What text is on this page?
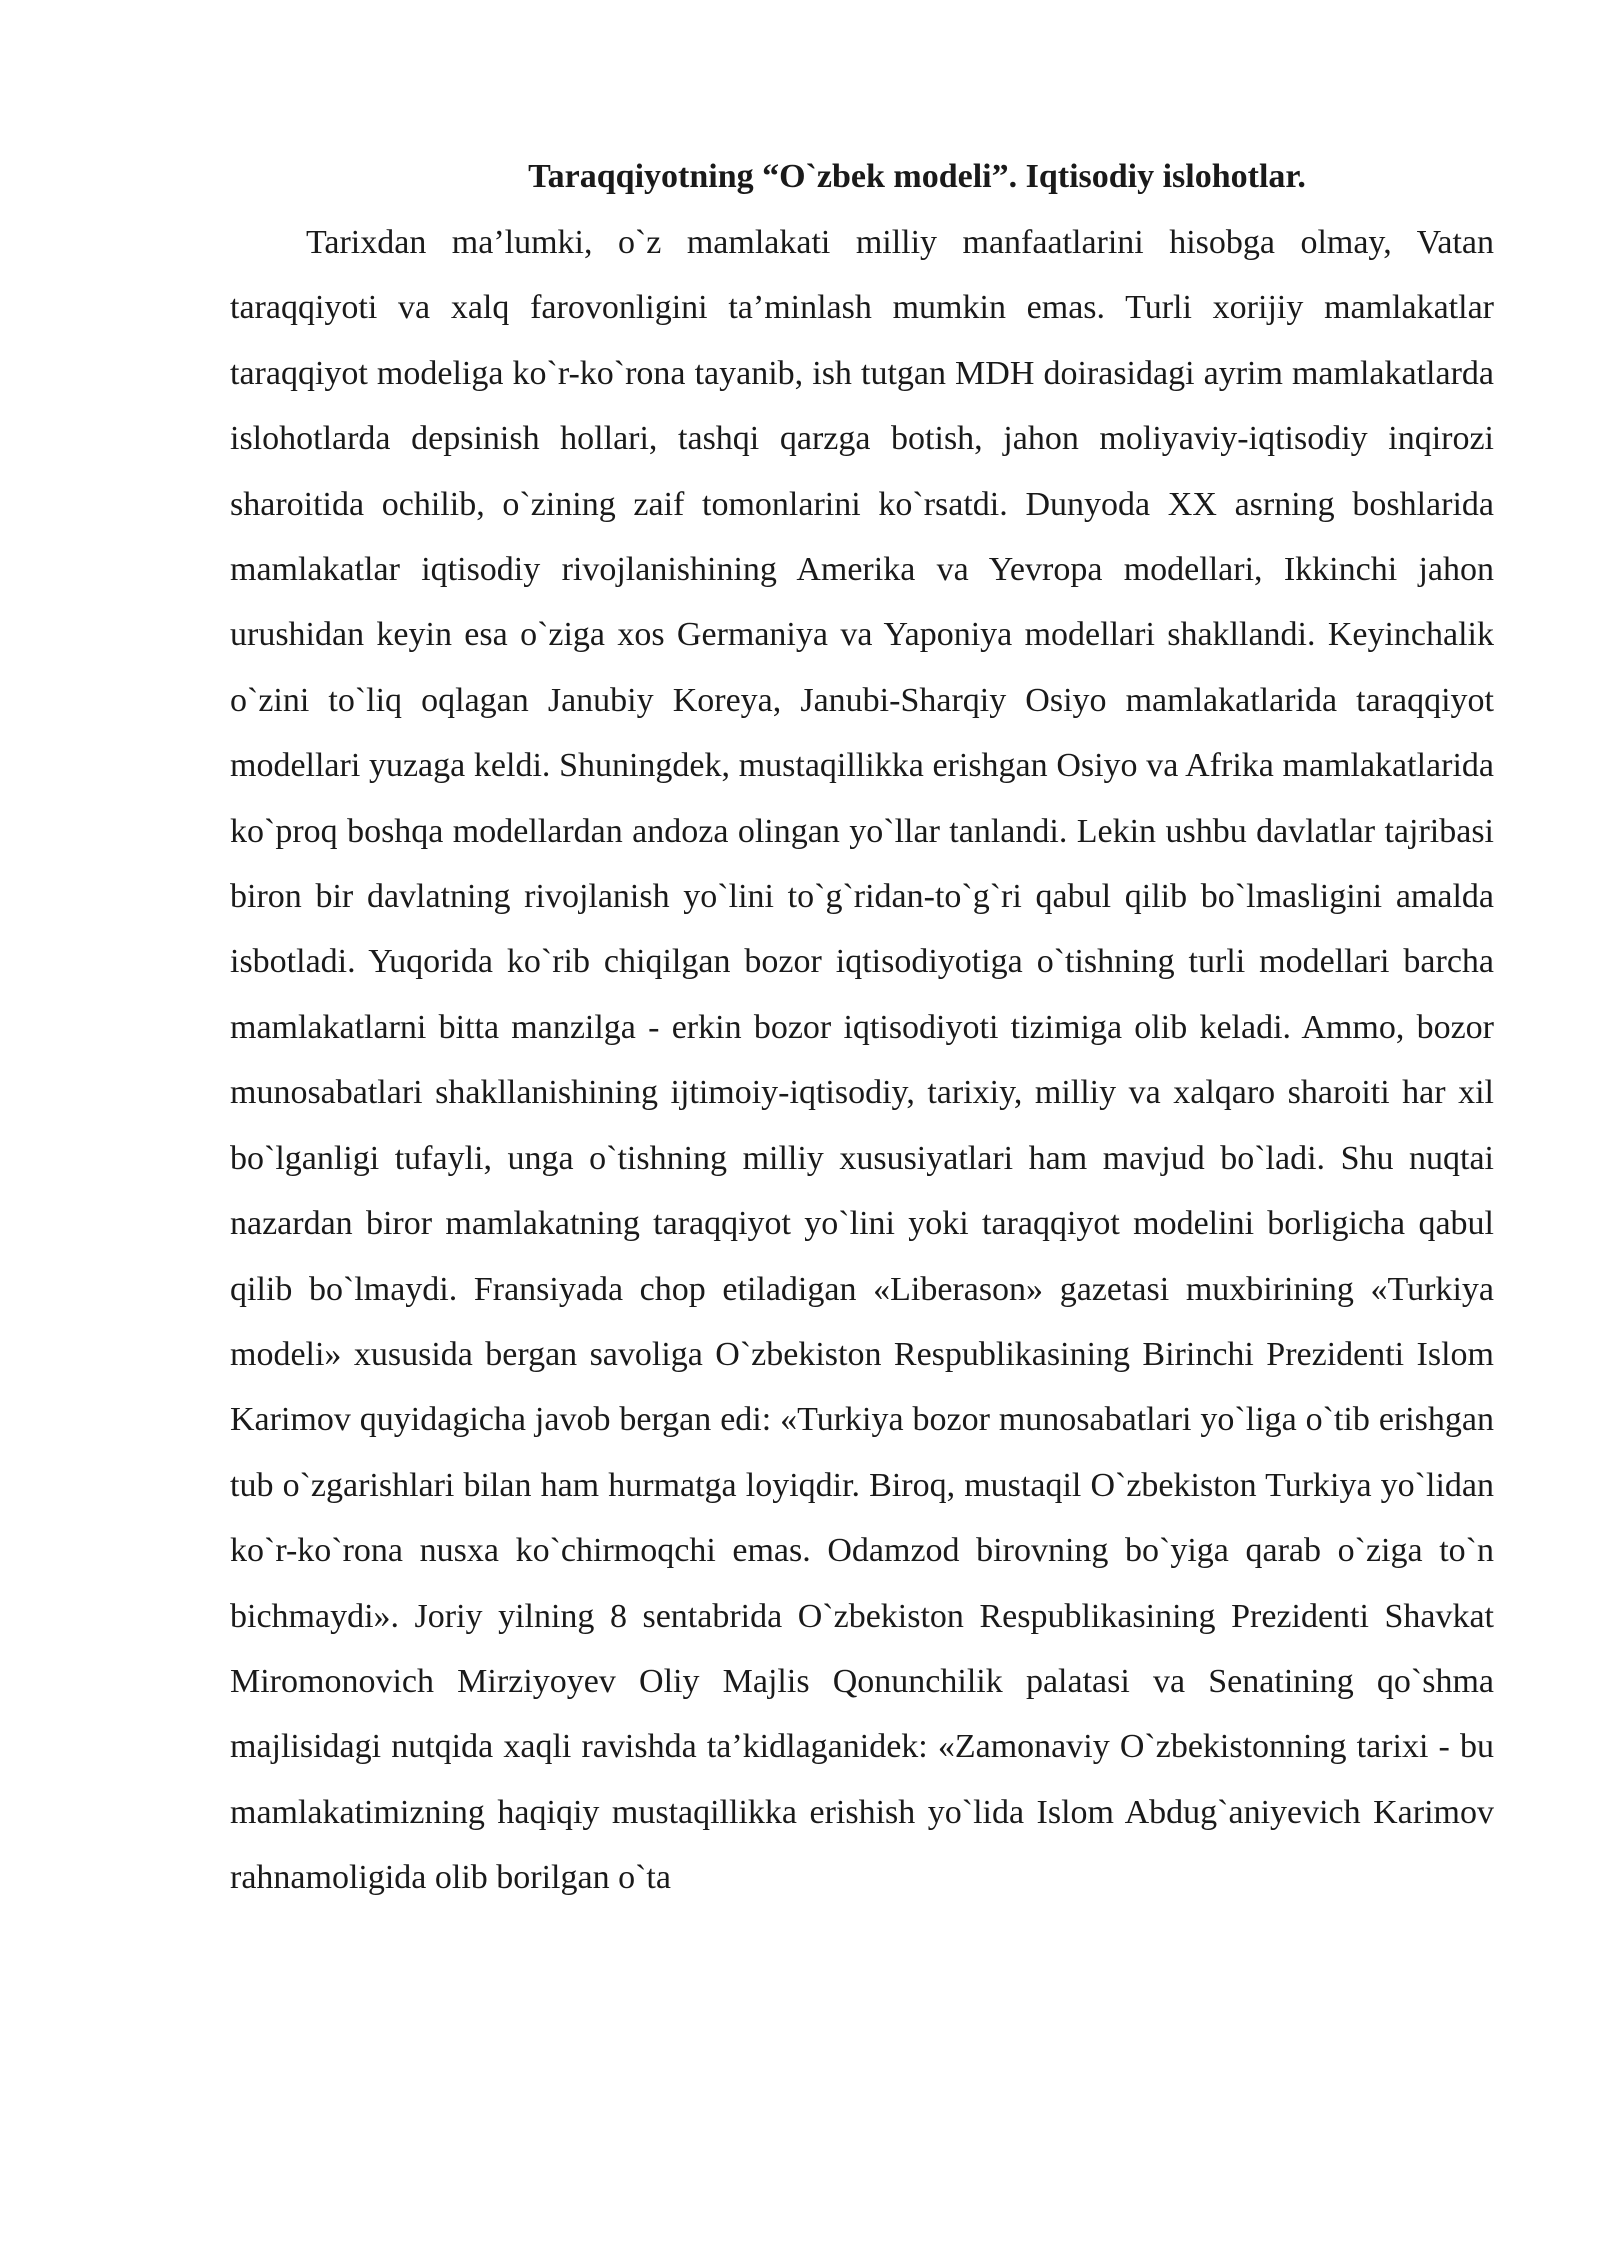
Taraqqiyotning “O`zbek modeli”. Iqtisodiy islohotlar.

Tarixdan ma’lumki, o`z mamlakati milliy manfaatlarini hisobga olmay, Vatan taraqqiyoti va xalq farovonligini ta’minlash mumkin emas. Turli xorijiy mamlakatlar taraqqiyot modeliga ko`r-ko`rona tayanib, ish tutgan MDH doirasidagi ayrim mamlakatlarda islohotlarda depsinish hollari, tashqi qarzga botish, jahon moliyaviy-iqtisodiy inqirozi sharoitida ochilib, o`zining zaif tomonlarini ko`rsatdi. Dunyoda XX asrning boshlarida mamlakatlar iqtisodiy rivojlanishining Amerika va Yevropa modellari, Ikkinchi jahon urushidan keyin esa o`ziga xos Germaniya va Yaponiya modellari shakllandi. Keyinchalik o`zini to`liq oqlagan Janubiy Koreya, Janubi-Sharqiy Osiyo mamlakatlarida taraqqiyot modellari yuzaga keldi. Shuningdek, mustaqillikka erishgan Osiyo va Afrika mamlakatlarida ko`proq boshqa modellardan andoza olingan yo`llar tanlandi. Lekin ushbu davlatlar tajribasi biron bir davlatning rivojlanish yo`lini to`g`ridan-to`g`ri qabul qilib bo`lmasligini amalda isbotladi. Yuqorida ko`rib chiqilgan bozor iqtisodiyotiga o`tishning turli modellari barcha mamlakatlarni bitta manzilga - erkin bozor iqtisodiyoti tizimiga olib keladi. Ammo, bozor munosabatlari shakllanishining ijtimoiy-iqtisodiy, tarixiy, milliy va xalqaro sharoiti har xil bo`lganligi tufayli, unga o`tishning milliy xususiyatlari ham mavjud bo`ladi. Shu nuqtai nazardan biror mamlakatning taraqqiyot yo`lini yoki taraqqiyot modelini borligicha qabul qilib bo`lmaydi. Fransiyada chop etiladigan «Liberason» gazetasi muxbirining «Turkiya modeli» xususida bergan savoliga O`zbekiston Respublikasining Birinchi Prezidenti Islom Karimov quyidagicha javob bergan edi: «Turkiya bozor munosabatlari yo`liga o`tib erishgan tub o`zgarishlari bilan ham hurmatga loyiqdir. Biroq, mustaqil O`zbekiston Turkiya yo`lidan ko`r-ko`rona nusxa ko`chirmoqchi emas. Odamzod birovning bo`yiga qarab o`ziga to`n bichmaydi». Joriy yilning 8 sentabrida O`zbekiston Respublikasining Prezidenti Shavkat Miromonovich Mirziyoyev Oliy Majlis Qonunchilik palatasi va Senatining qo`shma majlisidagi nutqida xaqli ravishda ta’kidlaganidek: «Zamonaviy O`zbekistonning tarixi - bu mamlakatimizning haqiqiy mustaqillikka erishish yo`lida Islom Abdug`aniyevich Karimov rahnamoligida olib borilgan o`ta
